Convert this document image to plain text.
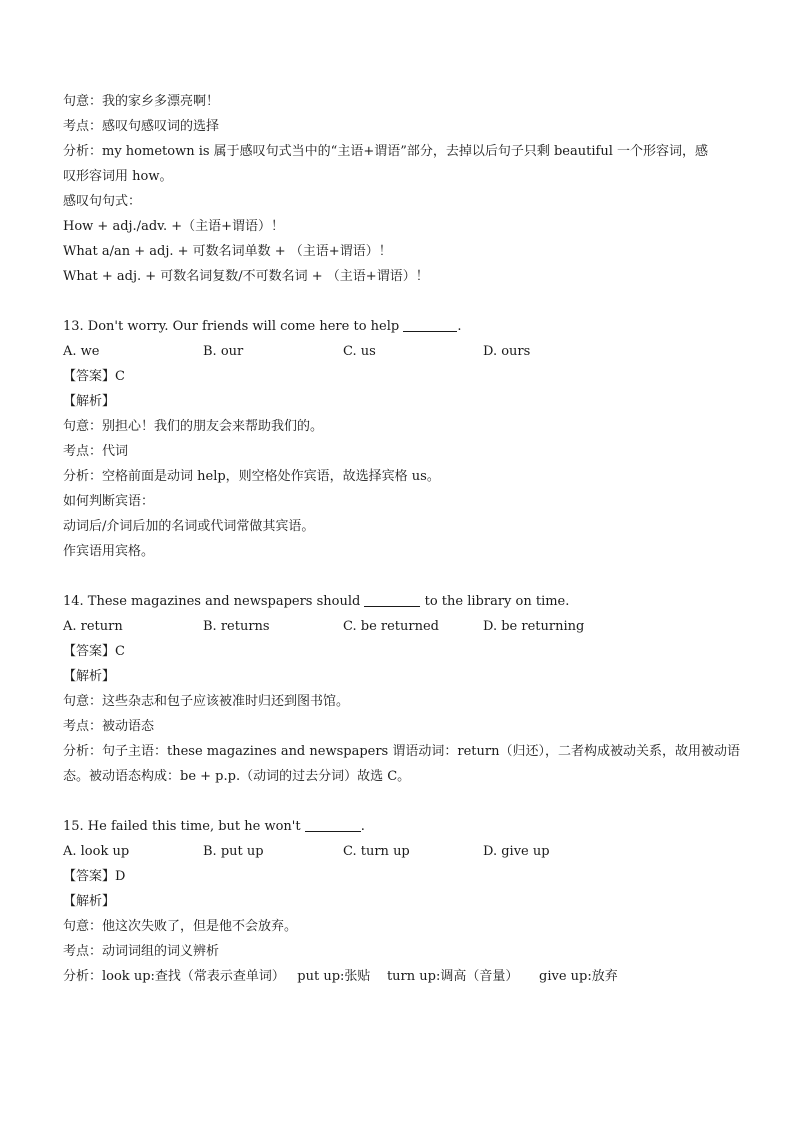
句意：我的家乡多漂亮啊！
考点：感叹句感叹词的选择
分析：my hometown is 属于感叹句式当中的“主语+谓语”部分，去掉以后句子只剩 beautiful 一个形容词，感
叹形容词用 how。
感叹句句式：
How + adj./adv. +（主语+谓语）！
What a/an + adj. + 可数名词单数 + （主语+谓语）！
What + adj. + 可数名词复数/不可数名词 + （主语+谓语）！
13. Don't worry. Our friends will come here to help	.
A. we	B. our	C. us	D. ours
【答案】C
【解析】
句意：别担心！我们的朋友会来帮助我们的。
考点：代词
分析：空格前面是动词 help，则空格处作宾语，故选择宾格 us。
如何判断宾语：
动词后/介词后加的名词或代词常做其宾语。
作宾语用宾格。
14. These magazines and newspapers should	to the library on time.
A. return	B. returns	C. be returned	D. be returning
【答案】C
【解析】
句意：这些杂志和包子应该被准时归还到图书馆。
考点：被动语态
分析：句子主语：these magazines and newspapers 谓语动词：return（归还），二者构成被动关系，故用被动语
态。被动语态构成：be + p.p.（动词的过去分词）故选 C。
15. He failed this time, but he won't	.
A. look up	B. put up	C. turn up	D. give up
【答案】D
【解析】
句意：他这次失败了，但是他不会放弃。
考点：动词词组的词义辨析
分析：look up:查找（常表示查单词）   put up:张贴    turn up:调高（音量）     give up:放弃
